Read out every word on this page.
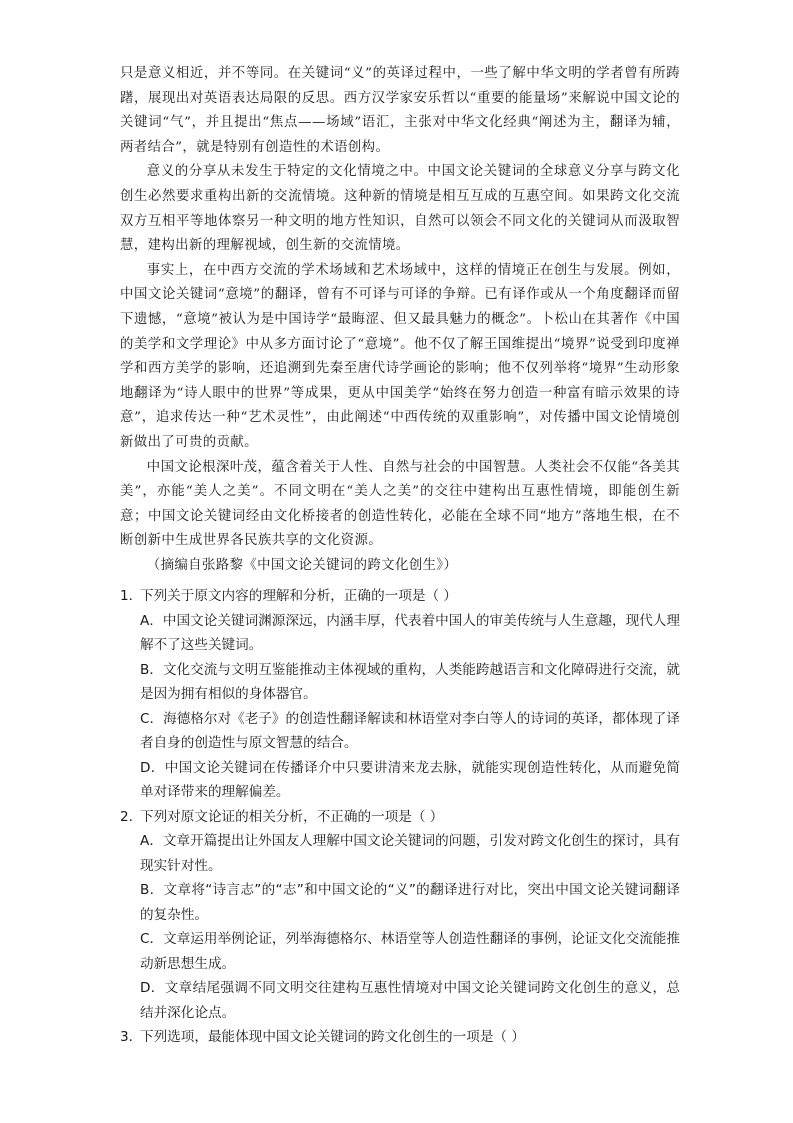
只是意义相近，并不等同。在关键词“义”的英译过程中，一些了解中华文明的学者曾有所踌躇，展现出对英语表达局限的反思。西方汉学家安乐哲以“重要的能量场”来解说中国文论的关键词“气”，并且提出“焦点——场域”语汇，主张对中华文化经典“阐述为主，翻译为辅，两者结合”，就是特别有创造性的术语创构。

意义的分享从未发生于特定的文化情境之中。中国文论关键词的全球意义分享与跨文化创生必然要求重构出新的交流情境。这种新的情境是相互互成的互惠空间。如果跨文化交流双方互相平等地体察另一种文明的地方性知识，自然可以领会不同文化的关键词从而汲取智慧，建构出新的理解视域，创生新的交流情境。

事实上，在中西方交流的学术场域和艺术场域中，这样的情境正在创生与发展。例如，中国文论关键词“意境”的翻译，曾有不可译与可译的争辩。已有译作或从一个角度翻译而留下遗憾，“意境”被认为是中国诗学“最晦涩、但又最具魅力的概念”。卜松山在其著作《中国的美学和文学理论》中从多方面讨论了“意境”。他不仅了解王国维提出“境界”说受到印度禅学和西方美学的影响，还追溯到先秦至唐代诗学画论的影响；他不仅列举将“境界”生动形象地翻译为“诗人眼中的世界”等成果，更从中国美学“始终在努力创造一种富有暗示效果的诗意”，追求传达一种“艺术灵性”，由此阐述“中西传统的双重影响”，对传播中国文论情境创新做出了可贵的贡献。

中国文论根深叶茂，蕴含着关于人性、自然与社会的中国智慧。人类社会不仅能“各美其美”，亦能“美人之美”。不同文明在“美人之美”的交往中建构出互惠性情境，即能创生新意；中国文论关键词经由文化桥接者的创造性转化，必能在全球不同“地方”落地生根，在不断创新中生成世界各民族共享的文化资源。

（摘编自张路黎《中国文论关键词的跨文化创生》）

1．下列关于原文内容的理解和分析，正确的一项是（ ）

A．中国文论关键词渊源深远，内涵丰厚，代表着中国人的审美传统与人生意趣，现代人理解不了这些关键词。

B．文化交流与文明互鉴能推动主体视域的重构，人类能跨越语言和文化障碍进行交流，就是因为拥有相似的身体器官。

C．海德格尔对《老子》的创造性翻译解读和林语堂对李白等人的诗词的英译，都体现了译者自身的创造性与原文智慧的结合。

D．中国文论关键词在传播译介中只要讲清来龙去脉，就能实现创造性转化，从而避免简单对译带来的理解偏差。

2．下列对原文论证的相关分析，不正确的一项是（ ）

A．文章开篇提出让外国友人理解中国文论关键词的问题，引发对跨文化创生的探讨，具有现实针对性。

B．文章将“诗言志”的“志”和中国文论的“义”的翻译进行对比，突出中国文论关键词翻译的复杂性。

C．文章运用举例论证，列举海德格尔、林语堂等人创造性翻译的事例，论证文化交流能推动新思想生成。

D．文章结尾强调不同文明交往建构互惠性情境对中国文论关键词跨文化创生的意义，总结并深化论点。

3．下列选项，最能体现中国文论关键词的跨文化创生的一项是（ ）
